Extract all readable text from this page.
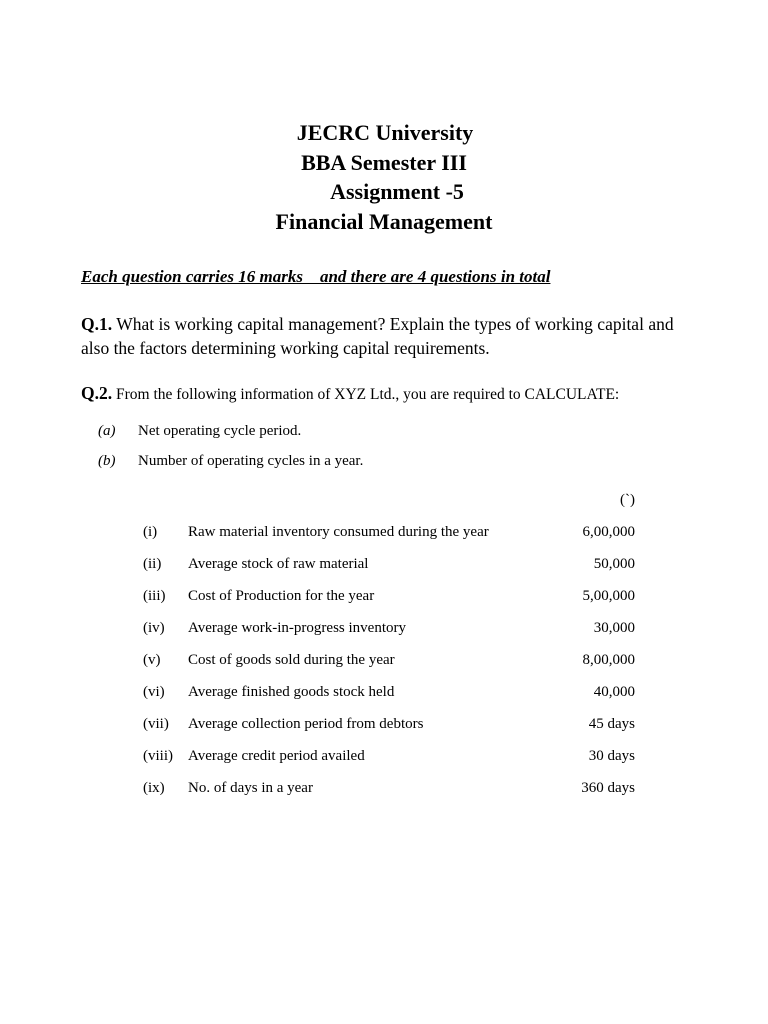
JECRC University
BBA Semester III
Assignment -5
Financial Management
Each question carries 16 marks    and there are 4 questions in total
Q.1. What is working capital management? Explain the types of working capital and also the factors determining working capital requirements.
Q.2. From the following information of XYZ Ltd., you are required to CALCULATE:
(a) Net operating cycle period.
(b) Number of operating cycles in a year.
(`)
(i) Raw material inventory consumed during the year	6,00,000
(ii) Average stock of raw material	50,000
(iii) Cost of Production for the year	5,00,000
(iv) Average work-in-progress inventory	30,000
(v) Cost of goods sold during the year	8,00,000
(vi) Average finished goods stock held	40,000
(vii) Average collection period from debtors	45 days
(viii) Average credit period availed	30 days
(ix) No. of days in a year	360 days
